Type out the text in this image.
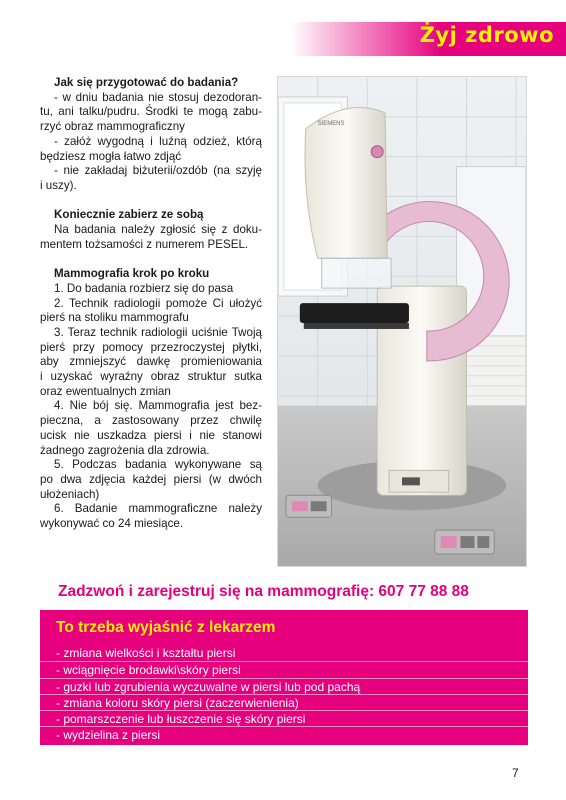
Żyj zdrowo
Jak się przygotować do badania?
- w dniu badania nie stosuj dezodoran-
tu, ani talku/pudru. Środki te mogą zabu-
rzyć obraz mammograficzny
- załóż wygodną i luźną odzież, którą
będziesz mogła łatwo zdjąć
- nie zakładaj biżuterii/ozdób (na szyję
i uszy).
Koniecznie zabierz ze sobą
Na badania należy zgłosić się z doku-
mentem tożsamości z numerem PESEL.
Mammografia krok po kroku
1. Do badania rozbierz się do pasa
2. Technik radiologii pomoże Ci ułożyć
pierś na stoliku mammografu
3. Teraz technik radiologii uciśnie Twoją
pierś przy pomocy przezroczystej płytki,
aby zmniejszyć dawkę promieniowania
i uzyskać wyraźny obraz struktur sutka
oraz ewentualnych zmian
4. Nie bój się. Mammografia jest bez-
pieczna, a zastosowany przez chwilę
ucisk nie uszkadza piersi i nie stanowi
żadnego zagrożenia dla zdrowia.
5. Podczas badania wykonywane są
po dwa zdjęcia każdej piersi (w dwóch
ułożeniach)
6. Badanie mammograficzne należy
wykonywać co 24 miesiące.
SIEMENS
Zadzwoń i zarejestruj się na mammografię: 607 77 88 88
To trzeba wyjaśnić z lekarzem
- zmiana wielkości i kształtu piersi
- wciągnięcie brodawki\skóry piersi
- guzki lub zgrubienia wyczuwalne w piersi lub pod pachą
- zmiana koloru skóry piersi (zaczerwienienia)
- pomarszczenie lub łuszczenie się skóry piersi
- wydzielina z piersi
7
